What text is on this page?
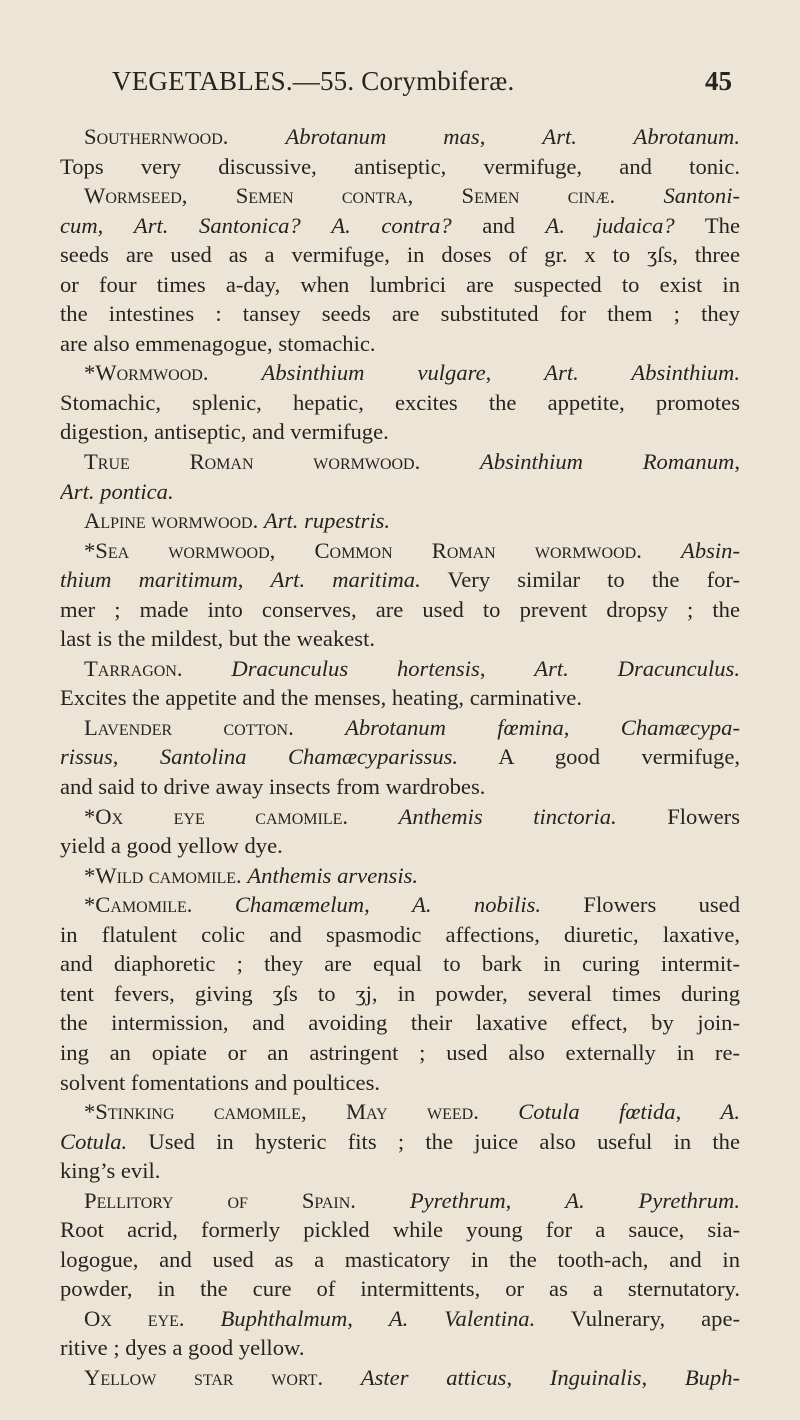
VEGETABLES.—55. Corymbiferæ.	45
Southernwood.	Abrotanum mas, Art. Abrotanum.
Tops very discussive, antiseptic, vermifuge, and tonic.
Wormseed, Semen contra, Semen cinæ. Santoni-
cum, Art. Santonica? A. contra? and A. judaica? The
seeds are used as a vermifuge, in doses of gr. x to ʒſs, three
or four times a-day, when lumbrici are suspected to exist in
the intestines : tansey seeds are substituted for them ; they
are also emmenagogue, stomachic.
*Wormwood. Absinthium vulgare, Art. Absinthium.
Stomachic, splenic, hepatic, excites the appetite, promotes
digestion, antiseptic, and vermifuge.
True Roman wormwood.	Absinthium Romanum,
Art. pontica.
Alpine wormwood. Art. rupestris.
*Sea wormwood, Common Roman wormwood. Absin-
thium maritimum, Art. maritima. Very similar to the for-
mer ; made into conserves, are used to prevent dropsy ; the
last is the mildest, but the weakest.
Tarragon. Dracunculus hortensis, Art. Dracunculus.
Excites the appetite and the menses, heating, carminative.
Lavender cotton. Abrotanum fœmina, Chamæcypa-
rissus, Santolina Chamæcyparissus. A good vermifuge,
and said to drive away insects from wardrobes.
*Ox eye camomile. Anthemis tinctoria. Flowers
yield a good yellow dye.
*Wild camomile. Anthemis arvensis.
*Camomile. Chamæmelum, A. nobilis. Flowers used
in flatulent colic and spasmodic affections, diuretic, laxative,
and diaphoretic ; they are equal to bark in curing intermit-
tent fevers, giving ʒſs to ʒj, in powder, several times during
the intermission, and avoiding their laxative effect, by join-
ing an opiate or an astringent ; used also externally in re-
solvent fomentations and poultices.
*Stinking camomile, May weed. Cotula fœtida, A.
Cotula. Used in hysteric fits ; the juice also useful in the
king’s evil.
Pellitory of Spain. Pyrethrum, A. Pyrethrum.
Root acrid, formerly pickled while young for a sauce, sia-
logogue, and used as a masticatory in the tooth-ach, and in
powder, in the cure of intermittents, or as a sternutatory.
Ox eye. Buphthalmum, A. Valentina. Vulnerary, ape-
ritive ; dyes a good yellow.
Yellow star wort. Aster atticus, Inguinalis, Buph-
